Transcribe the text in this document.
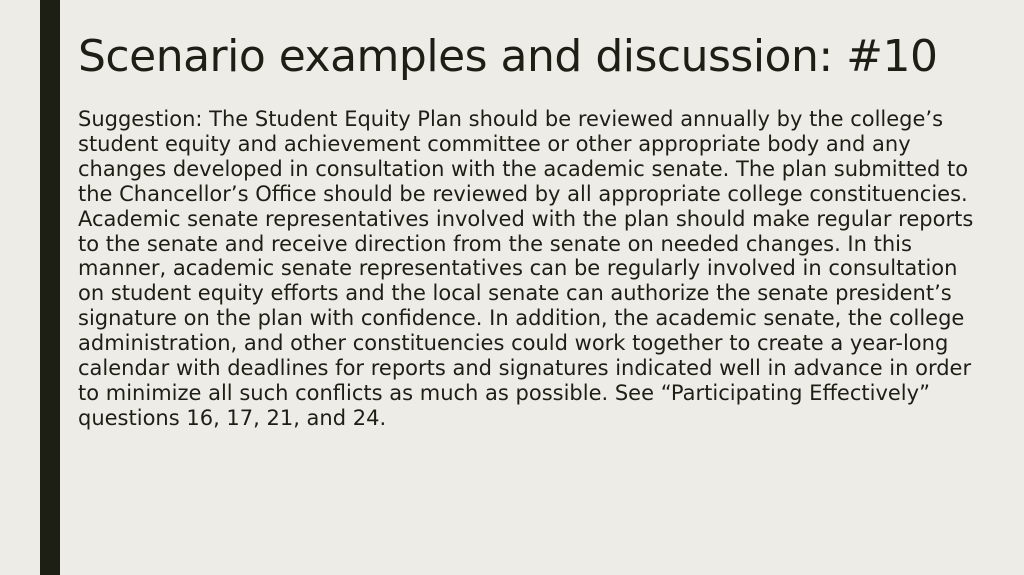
Scenario examples and discussion: #10

Suggestion: The Student Equity Plan should be reviewed annually by the college’s student equity and achievement committee or other appropriate body and any changes developed in consultation with the academic senate. The plan submitted to the Chancellor’s Office should be reviewed by all appropriate college constituencies. Academic senate representatives involved with the plan should make regular reports to the senate and receive direction from the senate on needed changes. In this manner, academic senate representatives can be regularly involved in consultation on student equity efforts and the local senate can authorize the senate president’s signature on the plan with confidence. In addition, the academic senate, the college administration, and other constituencies could work together to create a year-long calendar with deadlines for reports and signatures indicated well in advance in order to minimize all such conflicts as much as possible. See “Participating Effectively” questions 16, 17, 21, and 24.
